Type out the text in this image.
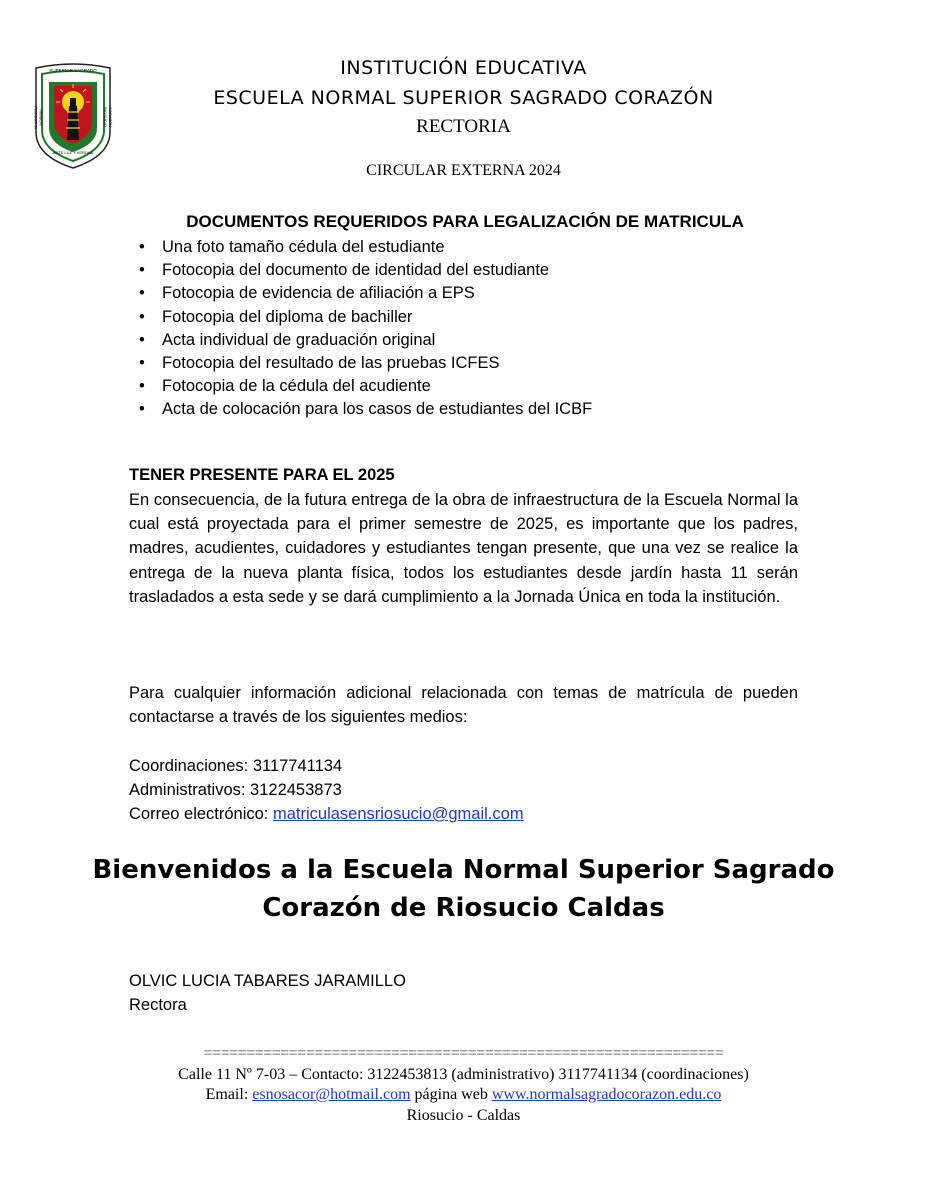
SUPERIOR SAGRADO
IE ESCUELA NORMAL	CORAZÓN RIOSUCIO
ARTE LUZ Y VERDAD
INSTITUCIÓN EDUCATIVA
ESCUELA NORMAL SUPERIOR SAGRADO CORAZÓN
RECTORIA
CIRCULAR EXTERNA 2024
DOCUMENTOS REQUERIDOS PARA LEGALIZACIÓN DE MATRICULA
• Una foto tamaño cédula del estudiante
• Fotocopia del documento de identidad del estudiante
• Fotocopia de evidencia de afiliación a EPS
• Fotocopia del diploma de bachiller
• Acta individual de graduación original
• Fotocopia del resultado de las pruebas ICFES
• Fotocopia de la cédula del acudiente
• Acta de colocación para los casos de estudiantes del ICBF
TENER PRESENTE PARA EL 2025
En consecuencia, de la futura entrega de la obra de infraestructura de la Escuela Normal la cual está proyectada para el primer semestre de 2025, es importante que los padres, madres, acudientes, cuidadores y estudiantes tengan presente, que una vez se realice la entrega de la nueva planta física, todos los estudiantes desde jardín hasta 11 serán trasladados a esta sede y se dará cumplimiento a la Jornada Única en toda la institución.
Para cualquier información adicional relacionada con temas de matrícula de pueden contactarse a través de los siguientes medios:
Coordinaciones: 3117741134
Administrativos: 3122453873
Correo electrónico: matriculasensriosucio@gmail.com
Bienvenidos a la Escuela Normal Superior Sagrado Corazón de Riosucio Caldas
OLVIC LUCIA TABARES JARAMILLO
Rectora
=============================================================
Calle 11 Nº 7-03 – Contacto: 3122453813 (administrativo) 3117741134 (coordinaciones)
Email: esnosacor@hotmail.com página web www.normalsagradocorazon.edu.co
Riosucio - Caldas
